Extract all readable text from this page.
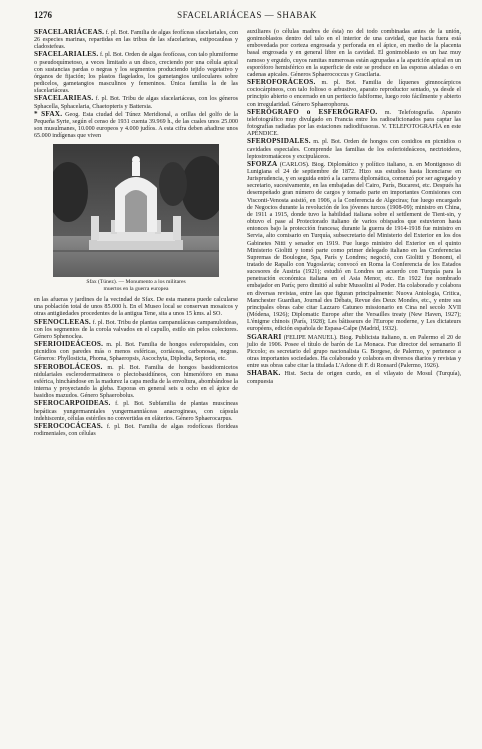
1276	SFACELARIÁCEAS — SHABAK

SFACELARIÁCEAS. f. pl. Bot. Familia de algas feofíceas sfacelariales, con 26 especies marinas, repartidas en las tribus de las sfacelarieas, estipocauleas y cladostefeas.

SFACELARIALES. f. pl. Bot. Orden de algas feofíceas, con talo plumiforme o pseudoquímetoso, a veces limitado a un disco, creciendo por una célula apical con sustancias pardas o negras y los segmentos produciendo tejido vegetativo y órganos de fijación; los plastos flagelados, los gametangios uniloculares sobre pedicelos, gametangios masculinos y femeninos. Única familia la de las sfacelariáceas.

SFACELARIEAS. f. pl. Bot. Tribu de algas sfacelariáceas, con los géneros Sphacella, Sphacelaria, Chaetopteris y Battersia.

* SFAX. Geog. Esta ciudad del Túnez Meridional, a orillas del golfo de la Pequeña Syrte, según el censo de 1931 cuenta 39.969 h., de las cuales unos 25.000 son musulmanes, 10.000 europeos y 4.000 judíos. A esta cifra deben añadirse unos 65.000 indígenas que viven

Sfax (Túnez). — Monumento a los militares
muertos en la guerra europea

en las afueras y jardines de la vecindad de Sfax. De esta manera puede calcularse una población total de unos 85.000 h. En el Museo local se conservan mosaicos y otras antigüedades procedentes de la antigua Tene, sita a unos 15 kms. al SO.

SFENOCLEEAS. f. pl. Bot. Tribu de plantas campanuláceas campanuloideas, con los segmentos de la corola valvados en el capullo, estilo sin pelos colectores. Género Sphenoclea.

SFERIOIDEÁCEOS. m. pl. Bot. Familia de hongos esferopsidales, con picnidios con paredes más o menos esféricas, coriáceas, carbonosas, negras. Géneros: Phyllosticta, Phoma, Sphaeropsis, Ascochyta, Diplodia, Septoria, etc.

SFEROBOLÁCEOS. m. pl. Bot. Familia de hongos basidiomicetos nidulariales esclerodermatineos o plectobasidiíneos, con himenóforo en masa esférica, hinchándose en la madurez la capa media de la envoltura, abombándose la interna y proyectando la gleba. Esporas en general seis u ocho en el ápice de basidios mazudos. Género Sphaerobolus.

SFEROCARPOIDEAS. f. pl. Bot. Subfamilia de plantas muscíneas hepáticas yungermanniales yungermanniáceas anacrogineas, con cápsula indehiscente, células estériles no convertidas en eláterios. Género Sphaerocarpus.

SFEROCOCÁCEAS. f. pl. Bot. Familia de algas rodofíceas florideas rodimeniales, con células

auxiliares (o células madres de ésta) no del todo combinadas antes de la unión, gonimoblastos dentro del talo en el interior de una cavidad, que hacia fuera está embovedada por corteza engrosada y perforada en el ápice, en medio de la placenta basal engrosada y en general libre en la cavidad. El gonimoblasto es un haz muy ramoso y erguido, cuyos ramitas numerosas están agrupadas a la aparición apical en un esporóforo hemisférico en la superficie de este se produce en las esporas aisladas o en cadenas apicales. Géneros Sphaerococcus y Gracilaria.

SFEROFORÁCEOS. m. pl. Bot. Familia de líquenes gimnocárpicos cociocárpineos, con talo folioso o arbustivo, aparato reproductor sentado, ya desde el principio abierto o encerrado en un peritecio fabiforme, luego roto fácilmente y abierto con irregularidad. Género Sphaerophorus.

SFERÓGRAFO o ESFERÓGRAFO. m. Telefotografía. Aparato telefotográfico muy divulgado en Francia entre los radioaficionados para captar las fotografías radiadas por las estaciones radiodifusoras. V. TELEFOTOGRAFÍA en este APÉNDICE.

SFEROPSIDALES. m. pl. Bot. Orden de hongos con conidios en picnidios o cavidades especiales. Comprende las familias de los esferioideáceos, nectrioideos, leptostromatáceos y excipuláceos.

SFORZA (CARLOS). Biog. Diplomático y político italiano, n. en Montignoso di Lunigiana el 24 de septiembre de 1872. Hizo sus estudios hasta licenciarse en Jurisprudencia, y en seguida entró a la carrera diplomática, comenzó por ser agregado y secretario, sucesivamente, en las embajadas del Cairo, París, Bucarest, etc. Después ha desempeñado gran número de cargos y tomado parte en importantes Comisiones con Visconti-Venosta asistió, en 1906, a la Conferencia de Algeciras; fue luego encargado de Negocios durante la revolución de los jóvenes turcos (1908-09); ministro en China, de 1911 a 1915, donde tuvo la habilidad italiana sobre el settlement de Tient-sin, y obtuvo el pase al Protectorado italiano de varios obispados que estuvieron hasta entonces bajo la protección francesa; durante la guerra de 1914-1918 fue ministro en Servia, alto comisario en Turquía, subsecretario del Ministerio del Exterior en los dos Gabinetes Nitti y senador en 1919. Fue luego ministro del Exterior en el quinto Ministerio Giolitti y tomó parte como primer delegado italiano en las Conferencias Supremas de Boulogne, Spa, París y Londres; negoció, con Giolitti y Bonomi, el tratado de Rapallo con Yugoslavia; convocó en Roma la Conferencia de los Estados sucesores de Austria (1921); estudió en Londres un acuerdo con Turquía para la penetración económica italiana en el Asia Menor, etc. En 1922 fue nombrado embajador en París; pero dimitió al subir Mussolini al Poder. Ha colaborado y colabora en diversas revistas, entre las que figuran principalmente: Nuova Antologia, Critica, Manchester Guardian, Journal des Débats, Revue des Deux Mondes, etc., y entre sus principales obras cabe citar Lazzaro Catuneo missionario en Cina nel secolo XVII (Módena, 1926); Diplomatic Europe after the Versailles treaty (New Haven, 1927); L'énigme chinois (París, 1928); Les bâtisseurs de l'Europe moderne, y Les dictateurs européens, edición española de Espasa-Calpe (Madrid, 1932).

SGARARI (FELIPE MANUEL). Biog. Publicista italiano, n. en Palermo el 20 de julio de 1906. Posee el título de barón de La Monaca. Fue director del semanario Il Piccolo; es secretario del grupo nacionalista G. Borgese, de Palermo, y pertenece a otras importantes sociedades. Ha colaborado y colabora en diversos diarios y revistas y entre sus obras cabe citar la titulada L'Adone di F. di Ronsard (Palermo, 1926).

SHABAK. Hist. Secta de origen curdo, en el vilayato de Mosul (Turquía), compuesta
